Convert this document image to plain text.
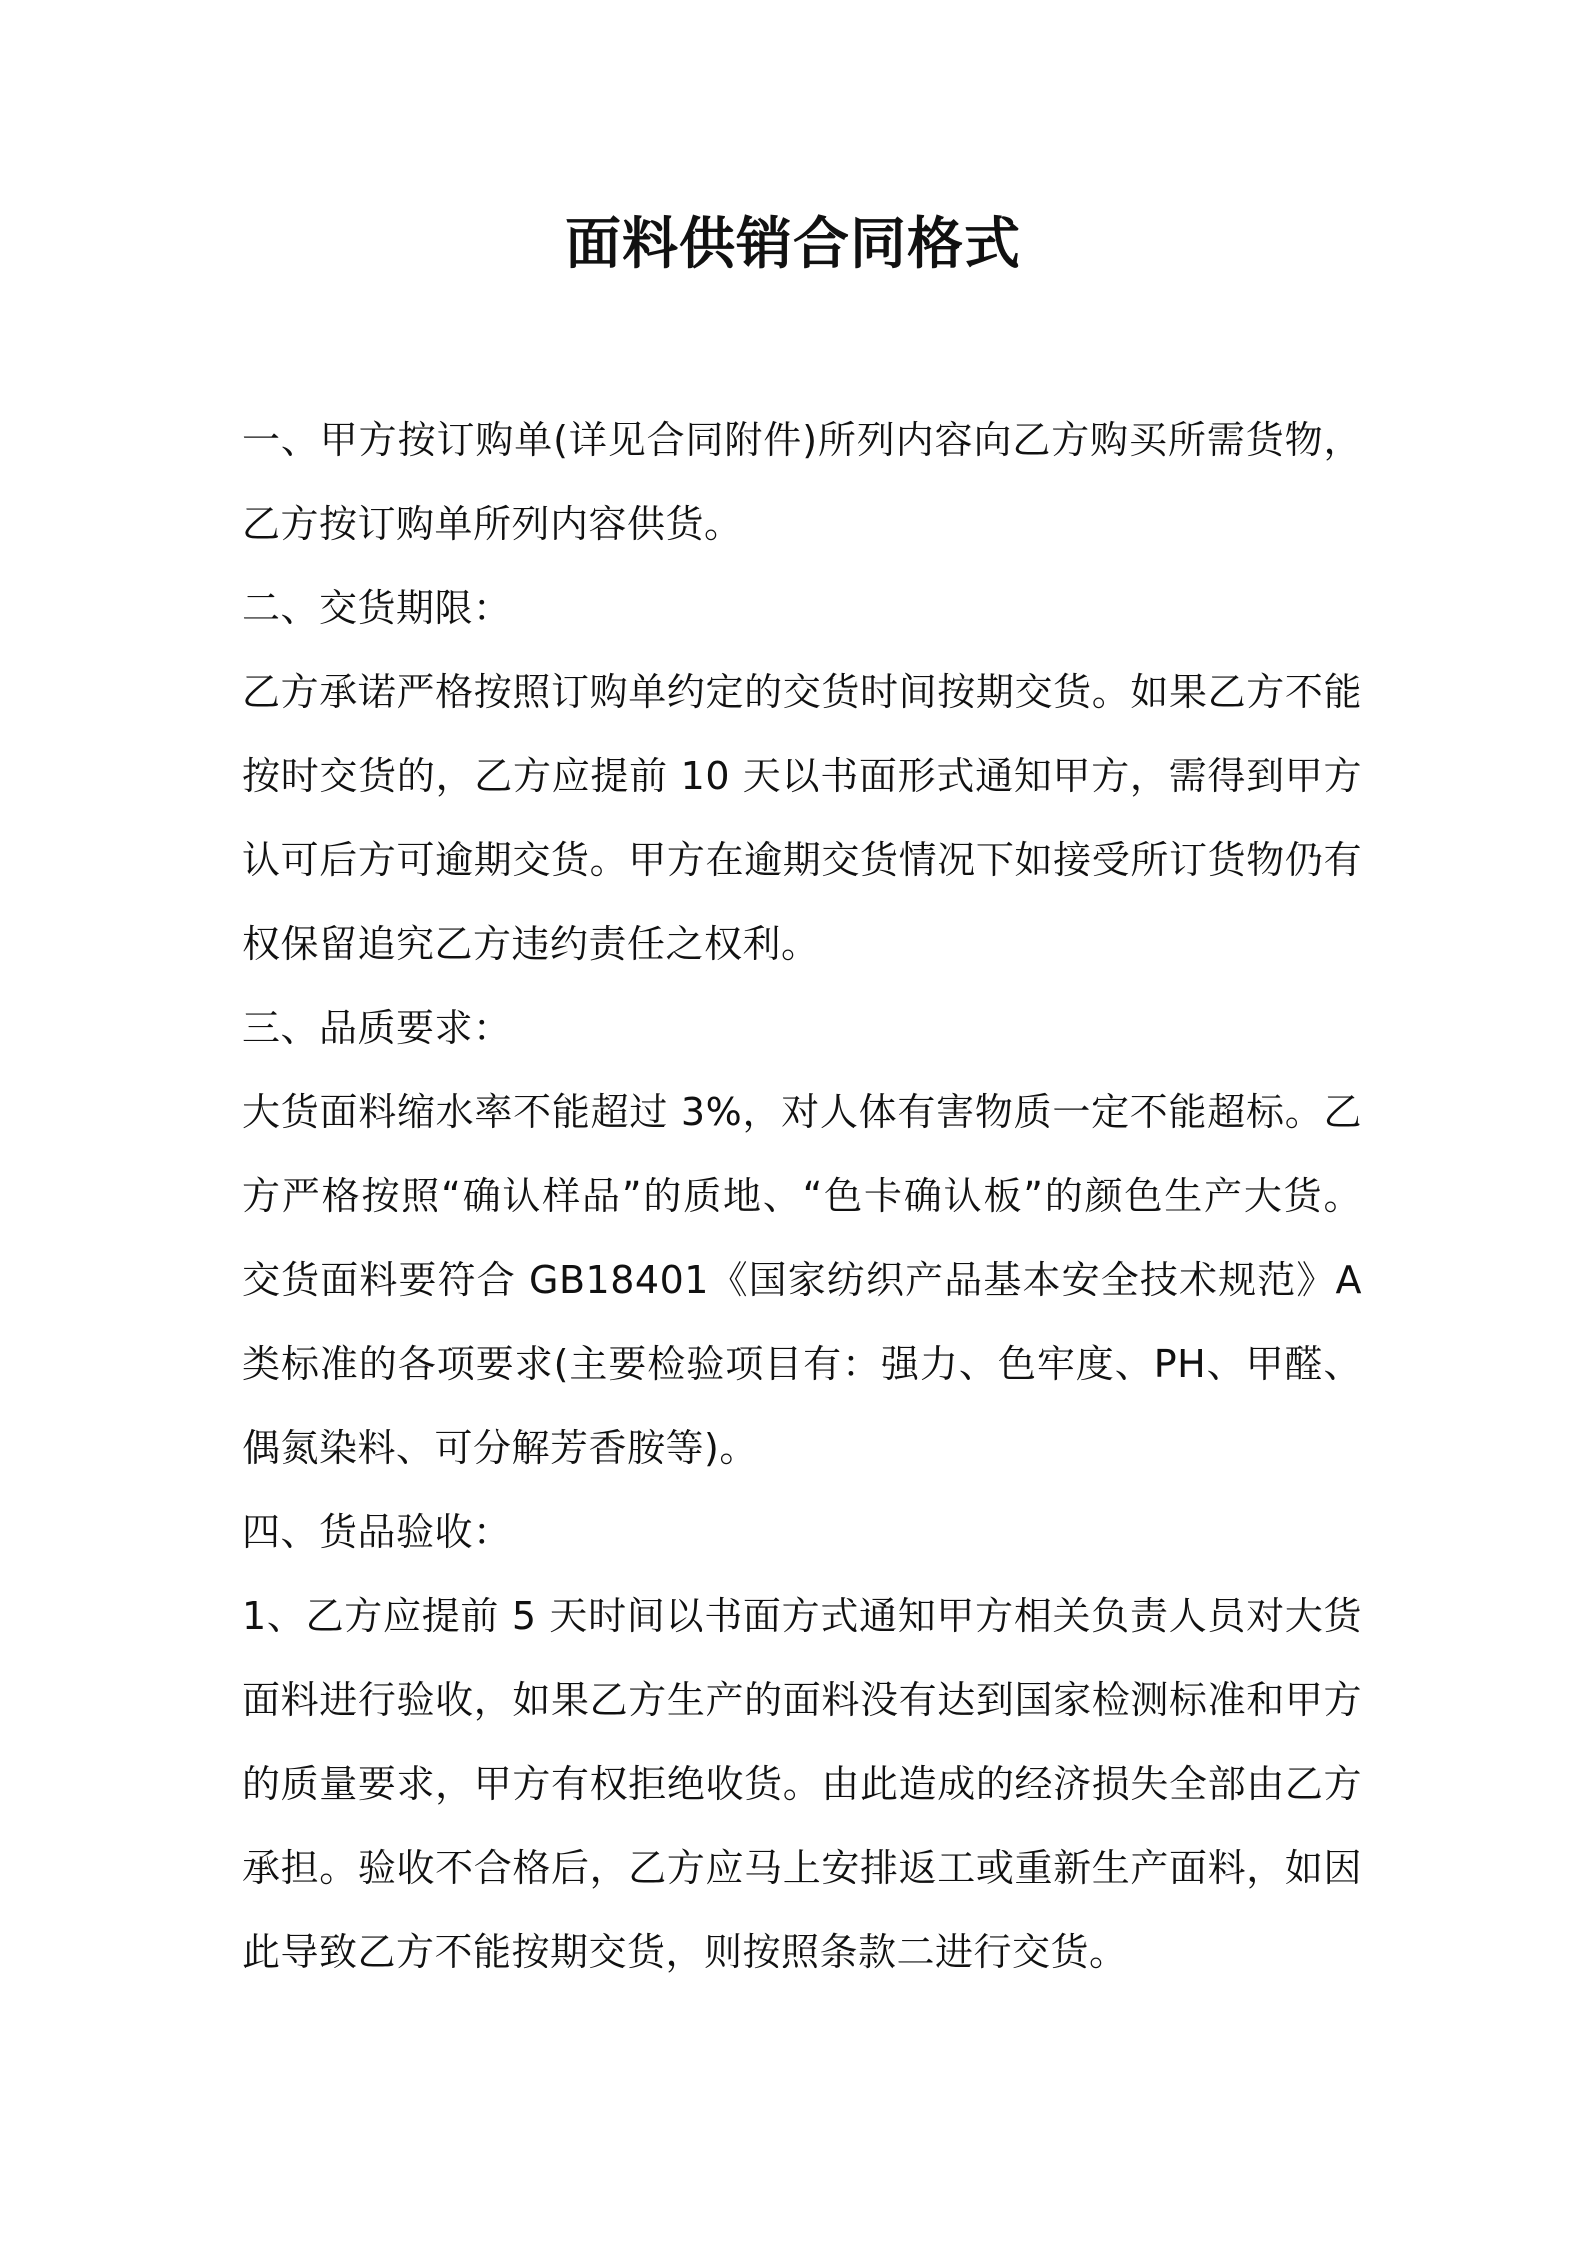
面料供销合同格式

一、甲方按订购单(详见合同附件)所列内容向乙方购买所需货物，乙方按订购单所列内容供货。

二、交货期限：

乙方承诺严格按照订购单约定的交货时间按期交货。如果乙方不能按时交货的，乙方应提前 10 天以书面形式通知甲方，需得到甲方认可后方可逾期交货。甲方在逾期交货情况下如接受所订货物仍有权保留追究乙方违约责任之权利。

三、品质要求：

大货面料缩水率不能超过 3%，对人体有害物质一定不能超标。乙方严格按照“确认样品”的质地、“色卡确认板”的颜色生产大货。交货面料要符合 GB18401《国家纺织产品基本安全技术规范》A 类标准的各项要求(主要检验项目有：强力、色牢度、PH、甲醛、偶氮染料、可分解芳香胺等)。

四、货品验收：

1、乙方应提前 5 天时间以书面方式通知甲方相关负责人员对大货面料进行验收，如果乙方生产的面料没有达到国家检测标准和甲方的质量要求，甲方有权拒绝收货。由此造成的经济损失全部由乙方承担。验收不合格后，乙方应马上安排返工或重新生产面料，如因此导致乙方不能按期交货，则按照条款二进行交货。
